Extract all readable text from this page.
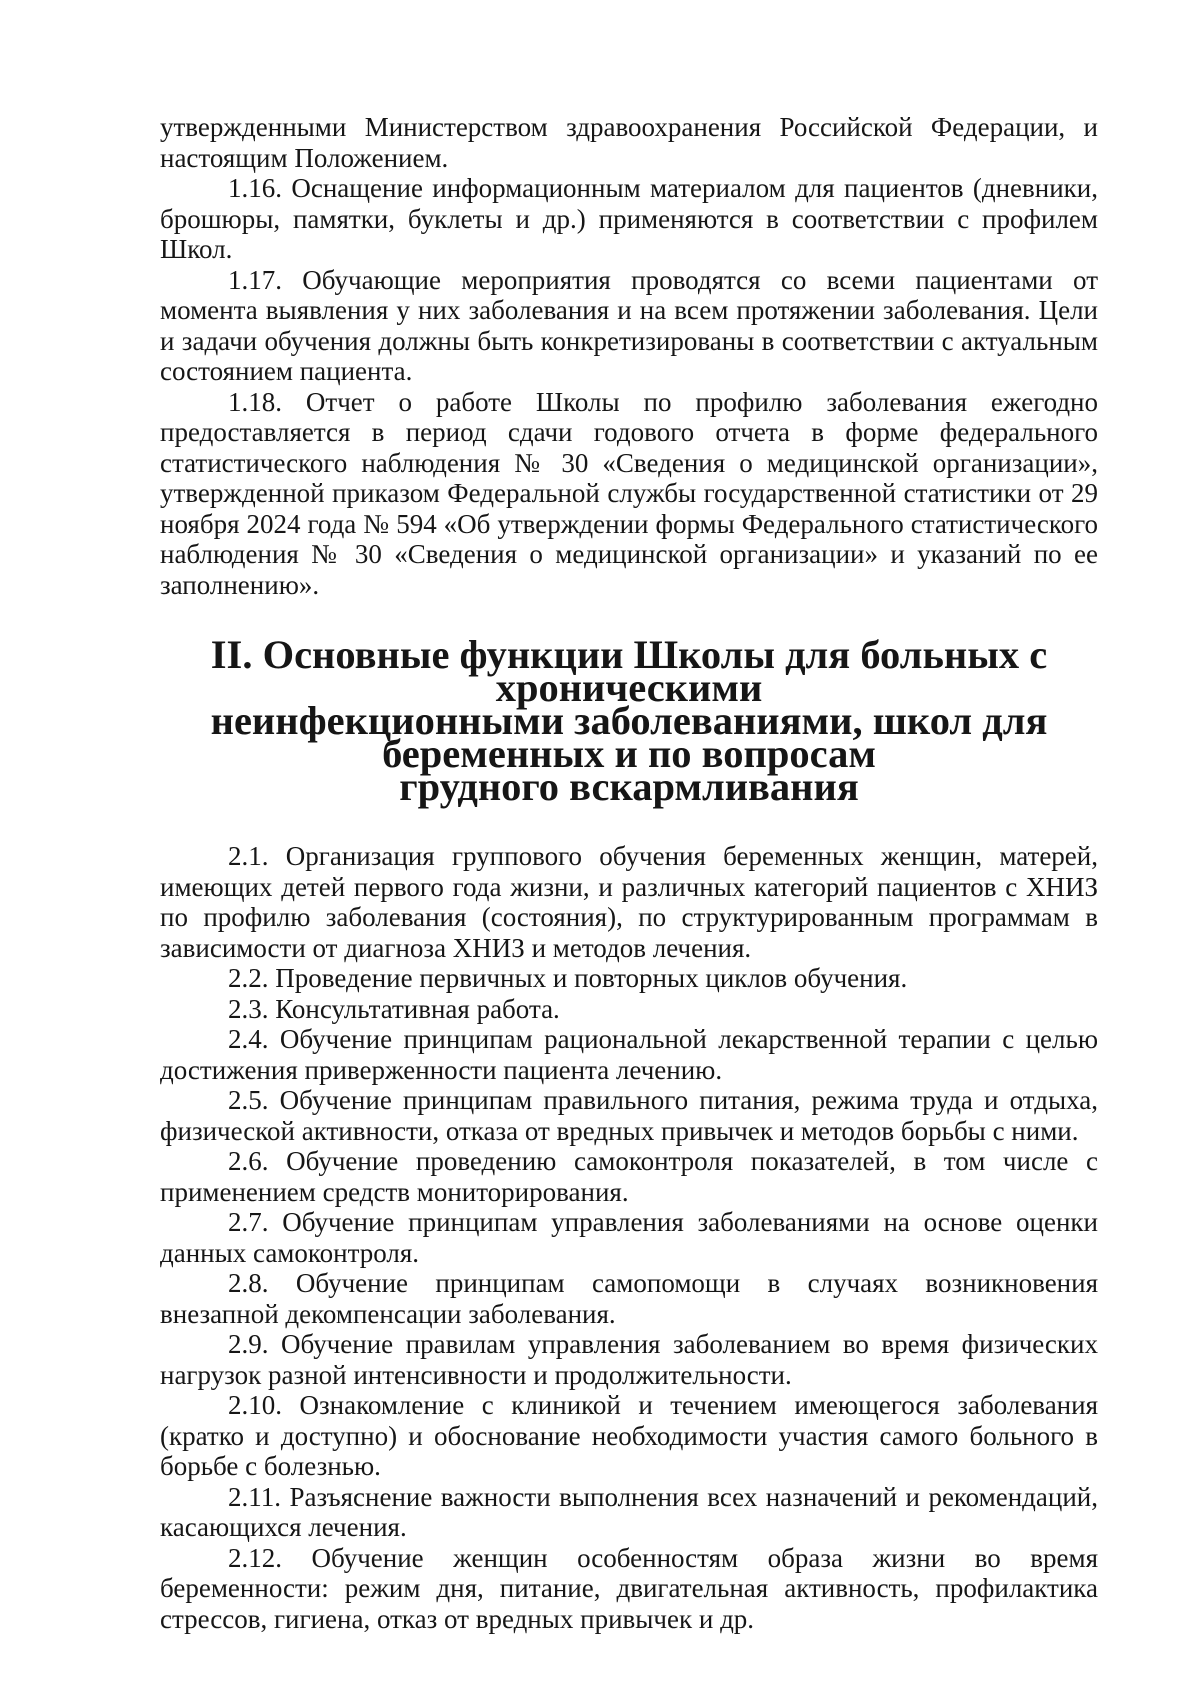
утвержденными Министерством здравоохранения Российской Федерации, и настоящим Положением.

1.16. Оснащение информационным материалом для пациентов (дневники, брошюры, памятки, буклеты и др.) применяются в соответствии с профилем Школ.

1.17. Обучающие мероприятия проводятся со всеми пациентами от момента выявления у них заболевания и на всем протяжении заболевания. Цели и задачи обучения должны быть конкретизированы в соответствии с актуальным состоянием пациента.

1.18. Отчет о работе Школы по профилю заболевания ежегодно предоставляется в период сдачи годового отчета в форме федерального статистического наблюдения № 30 «Сведения о медицинской организации», утвержденной приказом Федеральной службы государственной статистики от 29 ноября 2024 года № 594 «Об утверждении формы Федерального статистического наблюдения № 30 «Сведения о медицинской организации» и указаний по ее заполнению».

II. Основные функции Школы для больных с хроническими
неинфекционными заболеваниями, школ для беременных и по вопросам
грудного вскармливания

2.1. Организация группового обучения беременных женщин, матерей, имеющих детей первого года жизни, и различных категорий пациентов с ХНИЗ по профилю заболевания (состояния), по структурированным программам в зависимости от диагноза ХНИЗ и методов лечения.

2.2. Проведение первичных и повторных циклов обучения.

2.3. Консультативная работа.

2.4. Обучение принципам рациональной лекарственной терапии с целью достижения приверженности пациента лечению.

2.5. Обучение принципам правильного питания, режима труда и отдыха, физической активности, отказа от вредных привычек и методов борьбы с ними.

2.6. Обучение проведению самоконтроля показателей, в том числе с применением средств мониторирования.

2.7. Обучение принципам управления заболеваниями на основе оценки данных самоконтроля.

2.8. Обучение принципам самопомощи в случаях возникновения внезапной декомпенсации заболевания.

2.9. Обучение правилам управления заболеванием во время физических нагрузок разной интенсивности и продолжительности.

2.10. Ознакомление с клиникой и течением имеющегося заболевания (кратко и доступно) и обоснование необходимости участия самого больного в борьбе с болезнью.

2.11. Разъяснение важности выполнения всех назначений и рекомендаций, касающихся лечения.

2.12. Обучение женщин особенностям образа жизни во время беременности: режим дня, питание, двигательная активность, профилактика стрессов, гигиена, отказ от вредных привычек и др.
